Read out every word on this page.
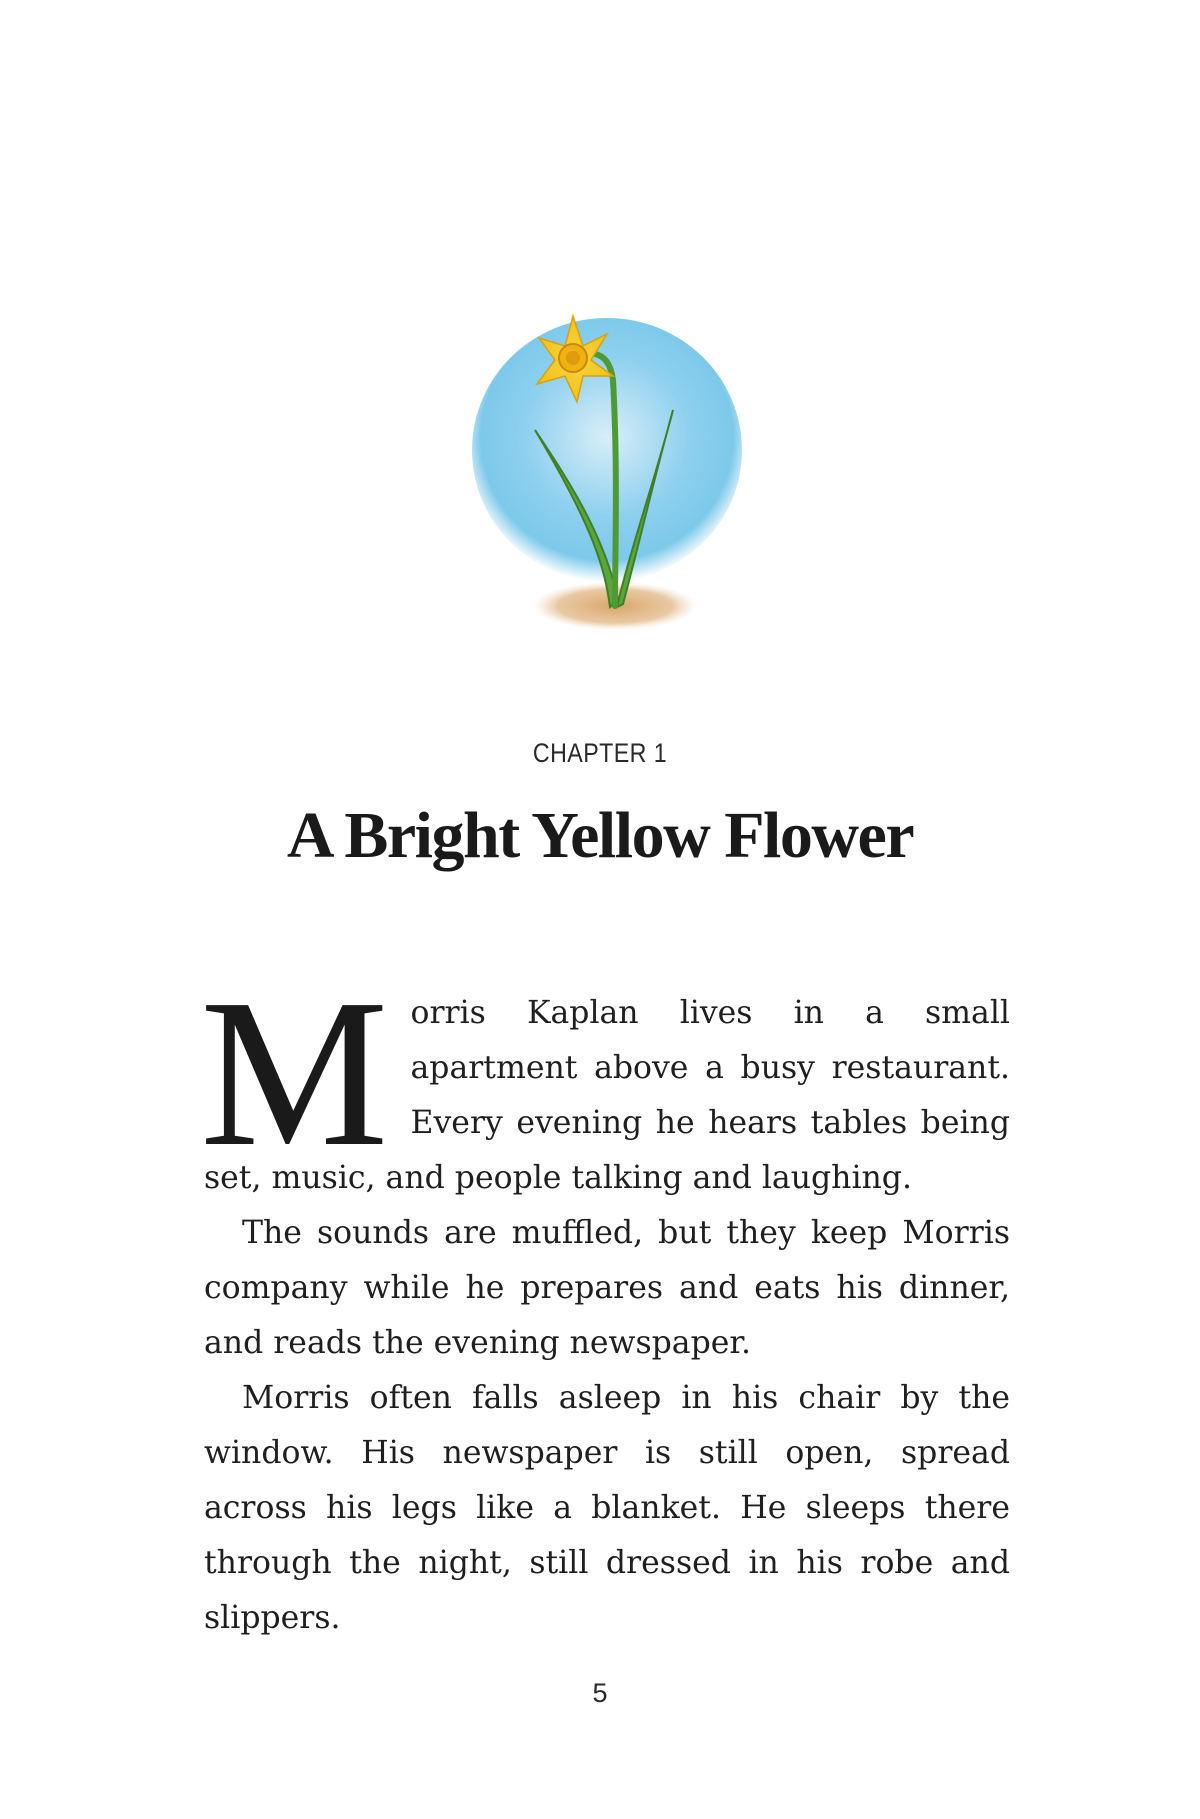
CHAPTER 1
A Bright Yellow Flower

M orris Kaplan lives in a small apartment above a busy restaurant. Every evening he hears tables being set, music, and people talking and laughing.

The sounds are muffled, but they keep Morris company while he prepares and eats his dinner, and reads the evening newspaper.

Morris often falls asleep in his chair by the window. His newspaper is still open, spread across his legs like a blanket. He sleeps there through the night, still dressed in his robe and slippers.

5
